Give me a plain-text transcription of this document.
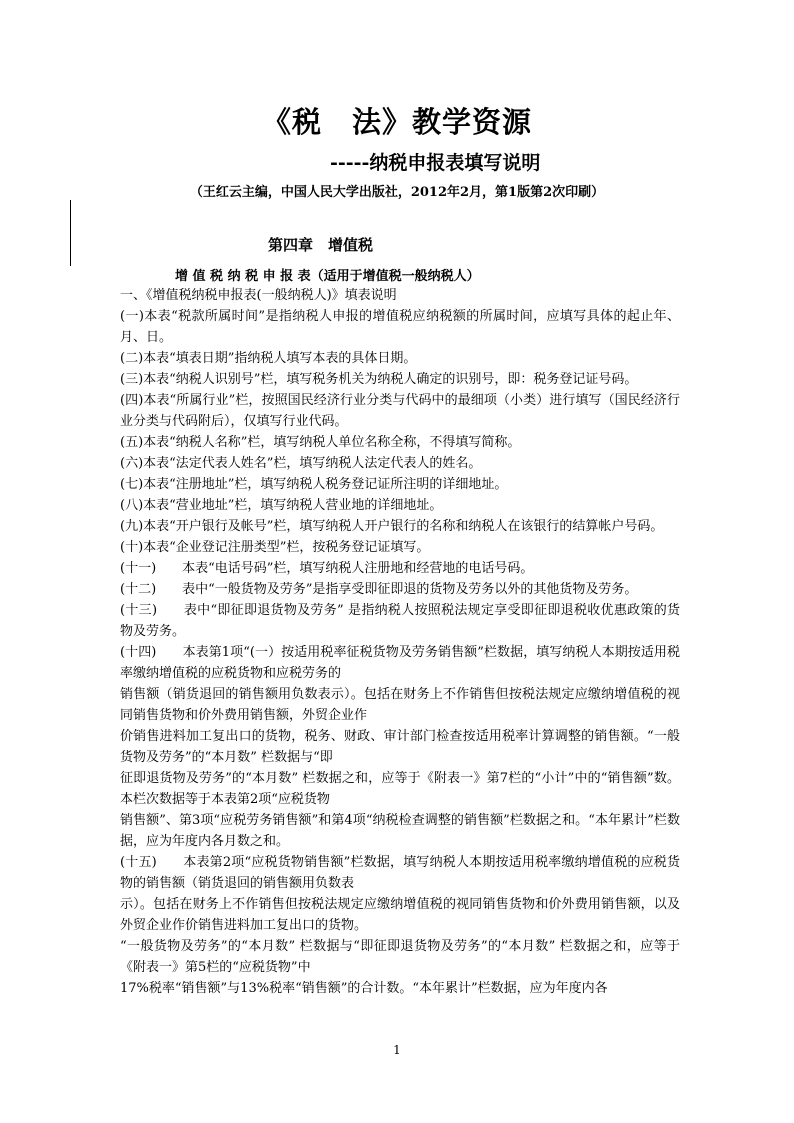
《税　法》教学资源
-----纳税申报表填写说明
（王红云主编，中国人民大学出版社，2012年2月，第1版第2次印刷）
第四章　增值税
增 值 税 纳 税 申 报 表（适用于增值税一般纳税人）

一、《增值税纳税申报表(一般纳税人)》填表说明

(一)本表“税款所属时间”是指纳税人申报的增值税应纳税额的所属时间，应填写具体的起止年、月、日。

(二)本表“填表日期”指纳税人填写本表的具体日期。

(三)本表“纳税人识别号”栏，填写税务机关为纳税人确定的识别号，即：税务登记证号码。

(四)本表“所属行业”栏，按照国民经济行业分类与代码中的最细项（小类）进行填写（国民经济行业分类与代码附后），仅填写行业代码。

(五)本表“纳税人名称”栏，填写纳税人单位名称全称，不得填写简称。

(六)本表“法定代表人姓名”栏，填写纳税人法定代表人的姓名。

(七)本表“注册地址”栏，填写纳税人税务登记证所注明的详细地址。

(八)本表“营业地址”栏，填写纳税人营业地的详细地址。

(九)本表“开户银行及帐号”栏，填写纳税人开户银行的名称和纳税人在该银行的结算帐户号码。

(十)本表“企业登记注册类型”栏，按税务登记证填写。

(十一)　　本表“电话号码”栏，填写纳税人注册地和经营地的电话号码。

(十二)　　表中“一般货物及劳务”是指享受即征即退的货物及劳务以外的其他货物及劳务。

(十三)　　表中“即征即退货物及劳务” 是指纳税人按照税法规定享受即征即退税收优惠政策的货物及劳务。

(十四)　　本表第1项“(一）按适用税率征税货物及劳务销售额”栏数据，填写纳税人本期按适用税率缴纳增值税的应税货物和应税劳务的

销售额（销货退回的销售额用负数表示）。包括在财务上不作销售但按税法规定应缴纳增值税的视同销售货物和价外费用销售额，外贸企业作

价销售进料加工复出口的货物，税务、财政、审计部门检查按适用税率计算调整的销售额。“一般货物及劳务”的“本月数” 栏数据与“即

征即退货物及劳务”的“本月数” 栏数据之和，应等于《附表一》第7栏的“小计”中的“销售额”数。本栏次数据等于本表第2项“应税货物

销售额”、第3项“应税劳务销售额”和第4项“纳税检查调整的销售额”栏数据之和。“本年累计”栏数据，应为年度内各月数之和。

(十五)　　本表第2项“应税货物销售额”栏数据，填写纳税人本期按适用税率缴纳增值税的应税货物的销售额（销货退回的销售额用负数表

示）。包括在财务上不作销售但按税法规定应缴纳增值税的视同销售货物和价外费用销售额，以及外贸企业作价销售进料加工复出口的货物。

“一般货物及劳务”的“本月数” 栏数据与“即征即退货物及劳务”的“本月数” 栏数据之和，应等于《附表一》第5栏的“应税货物”中

17%税率“销售额”与13%税率“销售额”的合计数。“本年累计”栏数据，应为年度内各

1
